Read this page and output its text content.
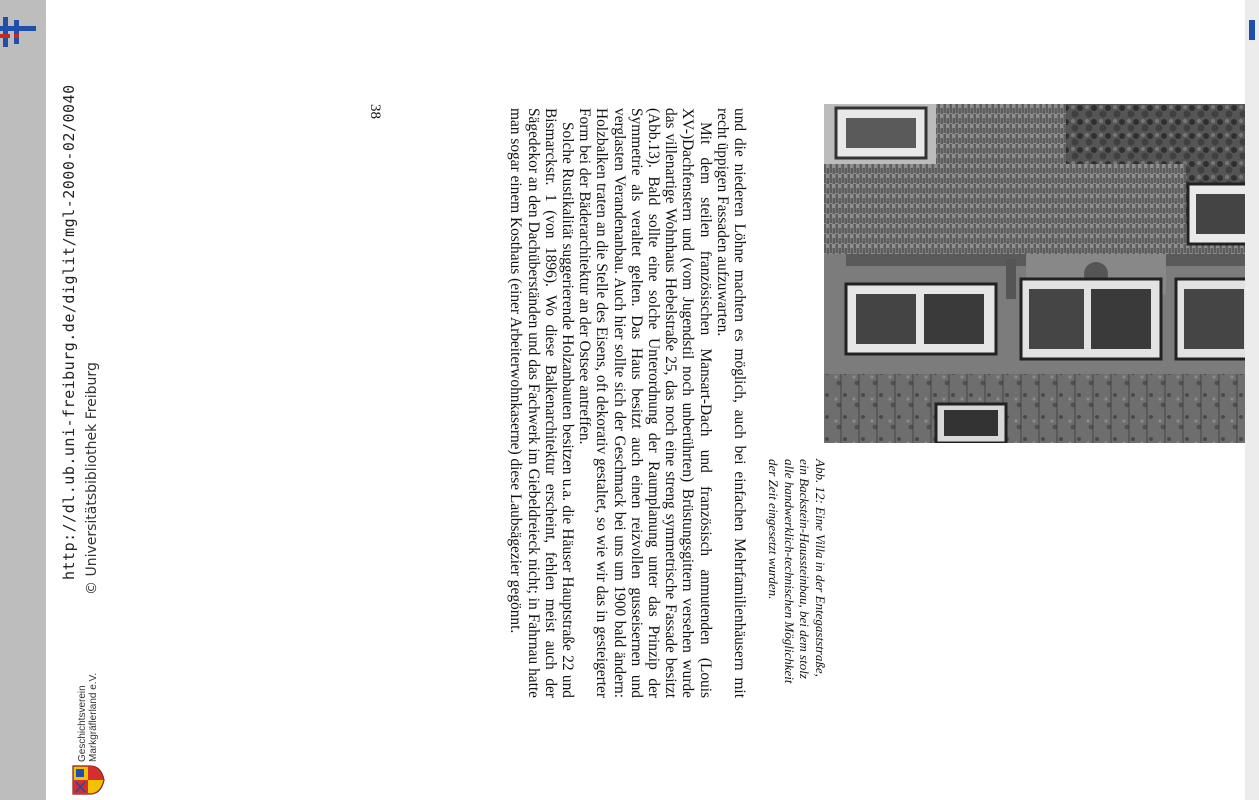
Geschichtsverein Markgräflerland e.V.
http://dl.ub.uni-freiburg.de/diglit/mgl-2000-02/0040 © Universitätsbibliothek Freiburg	Abb. 12: Eine Villa in der Entegaststraße, ein Backstein-Haussteinbau, bei dem stolz alle handwerklich-technischen Möglichkeit der Zeit eingesetzt wurden.

und die niederen Löhne machten es möglich, auch bei einfachen Mehrfamilienhäusern mit recht üppigen Fassaden aufzuwarten.

Mit dem steilen französischen Mansart-Dach und französisch anmutenden (Louis XV-)Dachfenstern und (vom Jugendstil noch unberührten) Brüstungsgittern versehen wurde das villenartige Wohnhaus Hebelstraße 25, das noch eine streng symmetrische Fassade besitzt (Abb.13). Bald sollte eine solche Unterordnung der Raumplanung unter das Prinzip der Symmetrie als veraltet gelten. Das Haus besitzt auch einen reizvollen gusseisernen und verglasten Verandenanbau. Auch hier sollte sich der Geschmack bei uns um 1900 bald ändern: Holzbalken traten an die Stelle des Eisens, oft dekorativ gestaltet, so wie wir das in gesteigerter Form bei der Bäderarchitektur an der Ostsee antreffen.

Solche Rustikalität suggerierende Holzanbauten besitzen u.a. die Häuser Hauptstraße 22 und Bismarckstr. 1 (von 1896). Wo diese Balkenarchitektur erscheint, fehlen meist auch der Sägedekor an den Dachüberständen und das Fachwerk im Giebeldreieck nicht; in Fahrnau hatte man sogar einem Kosthaus (einer Arbeiterwohnkaserne) diese Laubsägezier gegönnt.

38
